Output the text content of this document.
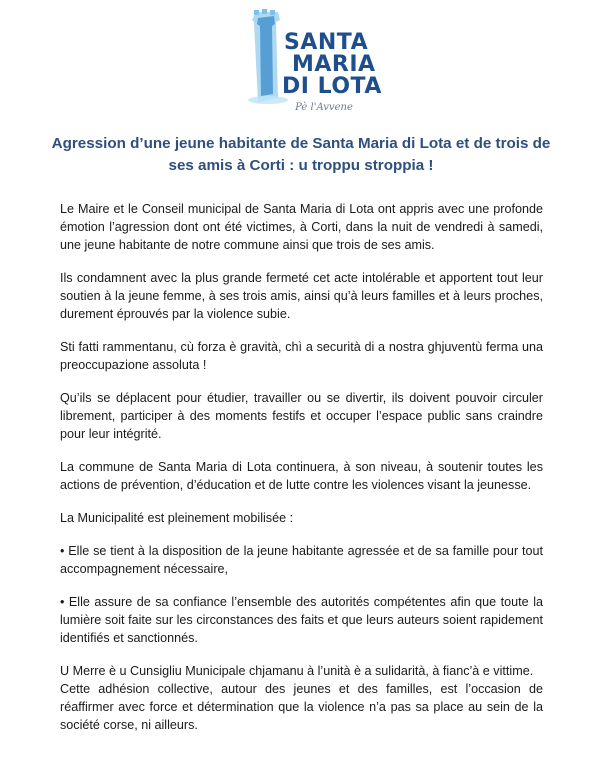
SANTA
MARIA
DI LOTA
Pè l'Avvene
Agression d’une jeune habitante de Santa Maria di Lota et de trois de ses amis à Corti : u troppu stroppia !

Le Maire et le Conseil municipal de Santa Maria di Lota ont appris avec une profonde émotion l’agression dont ont été victimes, à Corti, dans la nuit de vendredi à samedi, une jeune habitante de notre commune ainsi que trois de ses amis.

Ils condamnent avec la plus grande fermeté cet acte intolérable et apportent tout leur soutien à la jeune femme, à ses trois amis, ainsi qu’à leurs familles et à leurs proches, durement éprouvés par la violence subie.

Sti fatti rammentanu, cù forza è gravità, chì a securità di a nostra ghjuventù ferma una preoccupazione assoluta !

Qu’ils se déplacent pour étudier, travailler ou se divertir, ils doivent pouvoir circuler librement, participer à des moments festifs et occuper l’espace public sans craindre pour leur intégrité.

La commune de Santa Maria di Lota continuera, à son niveau, à soutenir toutes les actions de prévention, d’éducation et de lutte contre les violences visant la jeunesse.

La Municipalité est pleinement mobilisée :

• Elle se tient à la disposition de la jeune habitante agressée et de sa famille pour tout accompagnement nécessaire,

• Elle assure de sa confiance l’ensemble des autorités compétentes afin que toute la lumière soit faite sur les circonstances des faits et que leurs auteurs soient rapidement identifiés et sanctionnés.

U Merre è u Cunsigliu Municipale chjamanu à l’unità è a sulidarità, à fianc’à e vittime.

Cette adhésion collective, autour des jeunes et des familles, est l’occasion de réaffirmer avec force et détermination que la violence n’a pas sa place au sein de la société corse, ni ailleurs.
